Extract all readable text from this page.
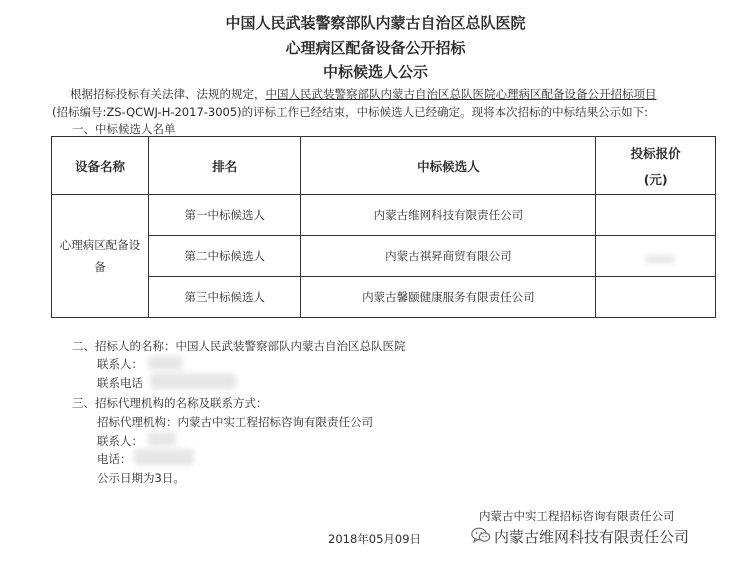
中国人民武装警察部队内蒙古自治区总队医院
心理病区配备设备公开招标
中标候选人公示
根据招标投标有关法律、法规的规定，中国人民武装警察部队内蒙古自治区总队医院心理病区配备设备公开招标项目
(招标编号:ZS-QCWJ-H-2017-3005)的评标工作已经结束，中标候选人已经确定。现将本次招标的中标结果公示如下:
一、中标候选人名单
设备名称	排名	中标候选人	投标报价
(元)

心理病区配备设备	第一中标候选人	内蒙古维网科技有限责任公司	
	第二中标候选人	内蒙古祺昇商贸有限公司	
	第三中标候选人	内蒙古馨颐健康服务有限责任公司	
二、招标人的名称：中国人民武装警察部队内蒙古自治区总队医院
联系人：
联系电话
三、招标代理机构的名称及联系方式：
招标代理机构：内蒙古中实工程招标咨询有限责任公司
联系人：
电话：
公示日期为3日。
内蒙古中实工程招标咨询有限责任公司
2018年05月09日	内蒙古维网科技有限责任公司
